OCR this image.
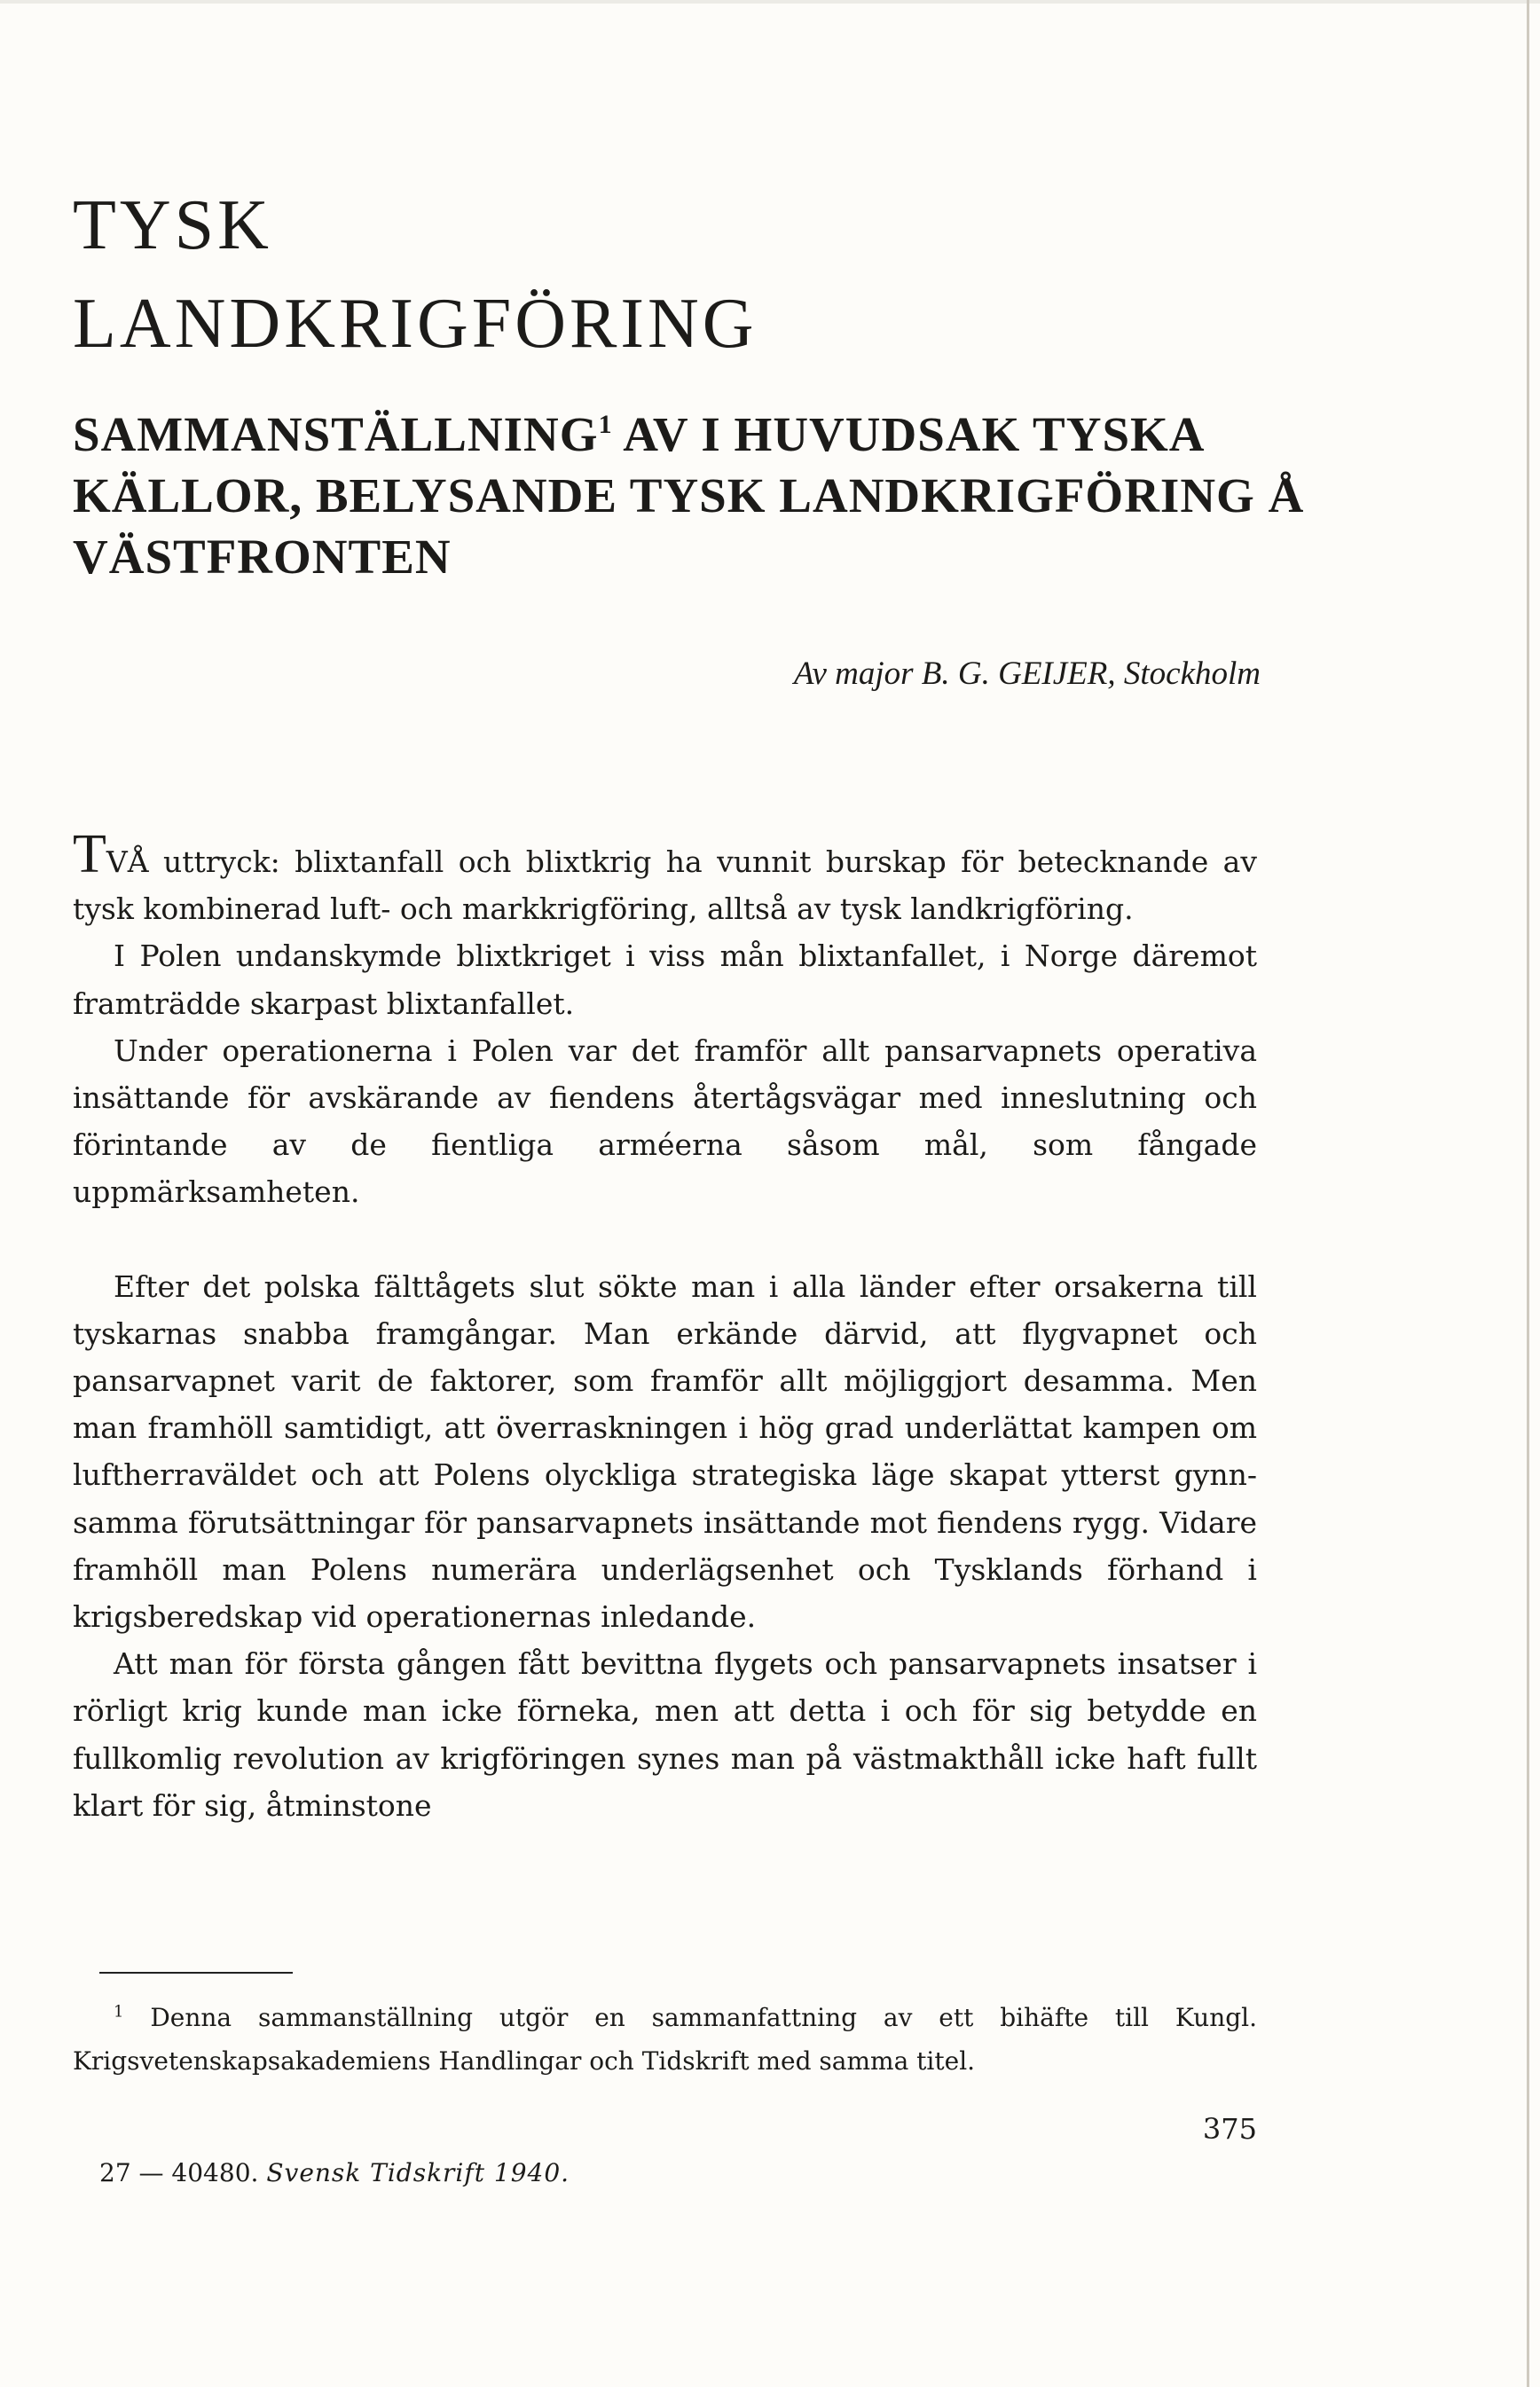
TYSK
LANDKRIGFÖRING
SAMMANSTÄLLNING$^1$ AV I HUVUDSAK TYSKA KÄLLOR, BELYSANDE TYSK LANDKRIGFÖRING Å VÄSTFRONTEN

Av major B. G. GEIJER, Stockholm

TVÅ uttryck: blixtanfall och blixtkrig ha vunnit burskap för betecknande av tysk kombinerad luft- och markkrigföring, alltså av tysk landkrigföring.

I Polen undanskymde blixtkriget i viss mån blixtanfallet, i Norge däremot framträdde skarpast blixtanfallet.

Under operationerna i Polen var det framför allt pansarvapnets operativa insättande för avskärande av fiendens återtågsvägar med inneslutning och förintande av de fientliga arméerna såsom mål, som fångade uppmärksamheten.

Efter det polska fälttågets slut sökte man i alla länder efter orsakerna till tyskarnas snabba framgångar. Man erkände därvid, att flygvapnet och pansarvapnet varit de faktorer, som framför allt möjliggjort desamma. Men man framhöll samtidigt, att överraskningen i hög grad underlättat kampen om luftherraväldet och att Polens olyckliga strategiska läge skapat ytterst gynnsamma förutsättningar för pansarvapnets insättande mot fiendens rygg. Vidare framhöll man Polens numerära underlägsenhet och Tysklands förhand i krigsberedskap vid operationernas inledande.

Att man för första gången fått bevittna flygets och pansarvapnets insatser i rörligt krig kunde man icke förneka, men att detta i och för sig betydde en fullkomlig revolution av krigföringen synes man på västmakthåll icke haft fullt klart för sig, åtminstone

$^1$ Denna sammanställning utgör en sammanfattning av ett bihäfte till Kungl. Krigsvetenskapsakademiens Handlingar och Tidskrift med samma titel.

375

27 — 40480. Svensk Tidskrift 1940.
